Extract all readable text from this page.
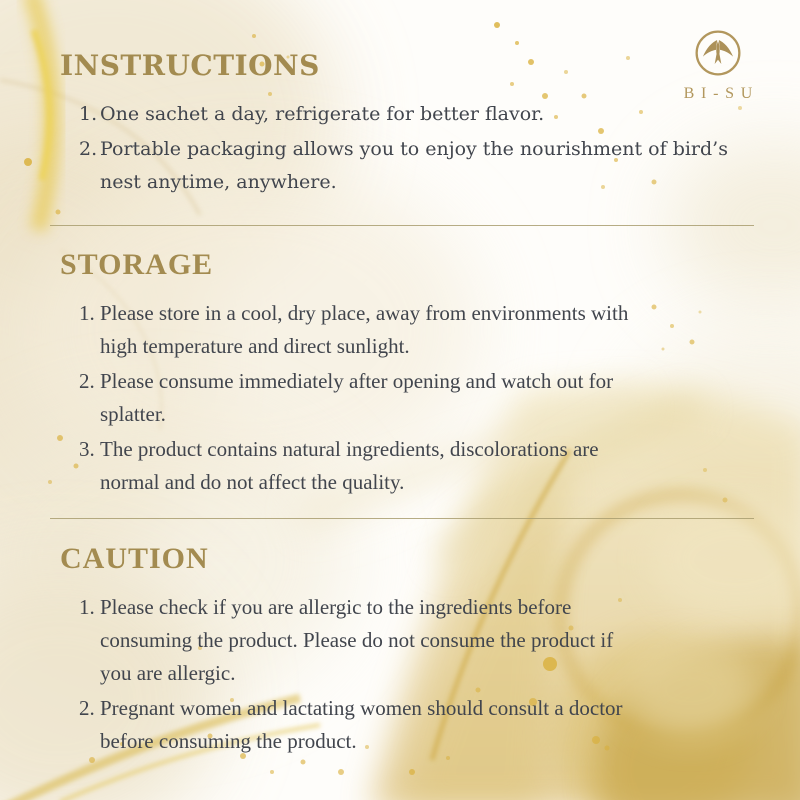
BI-SU
INSTRUCTIONS
1. One sachet a day, refrigerate for better flavor.
2. Portable packaging allows you to enjoy the nourishment of bird’s
nest anytime, anywhere.
STORAGE
1. Please store in a cool, dry place, away from environments with
high temperature and direct sunlight.
2. Please consume immediately after opening and watch out for
splatter.
3. The product contains natural ingredients, discolorations are
normal and do not affect the quality.
CAUTION
1. Please check if you are allergic to the ingredients before
consuming the product. Please do not consume the product if
you are allergic.
2. Pregnant women and lactating women should consult a doctor
before consuming the product.
